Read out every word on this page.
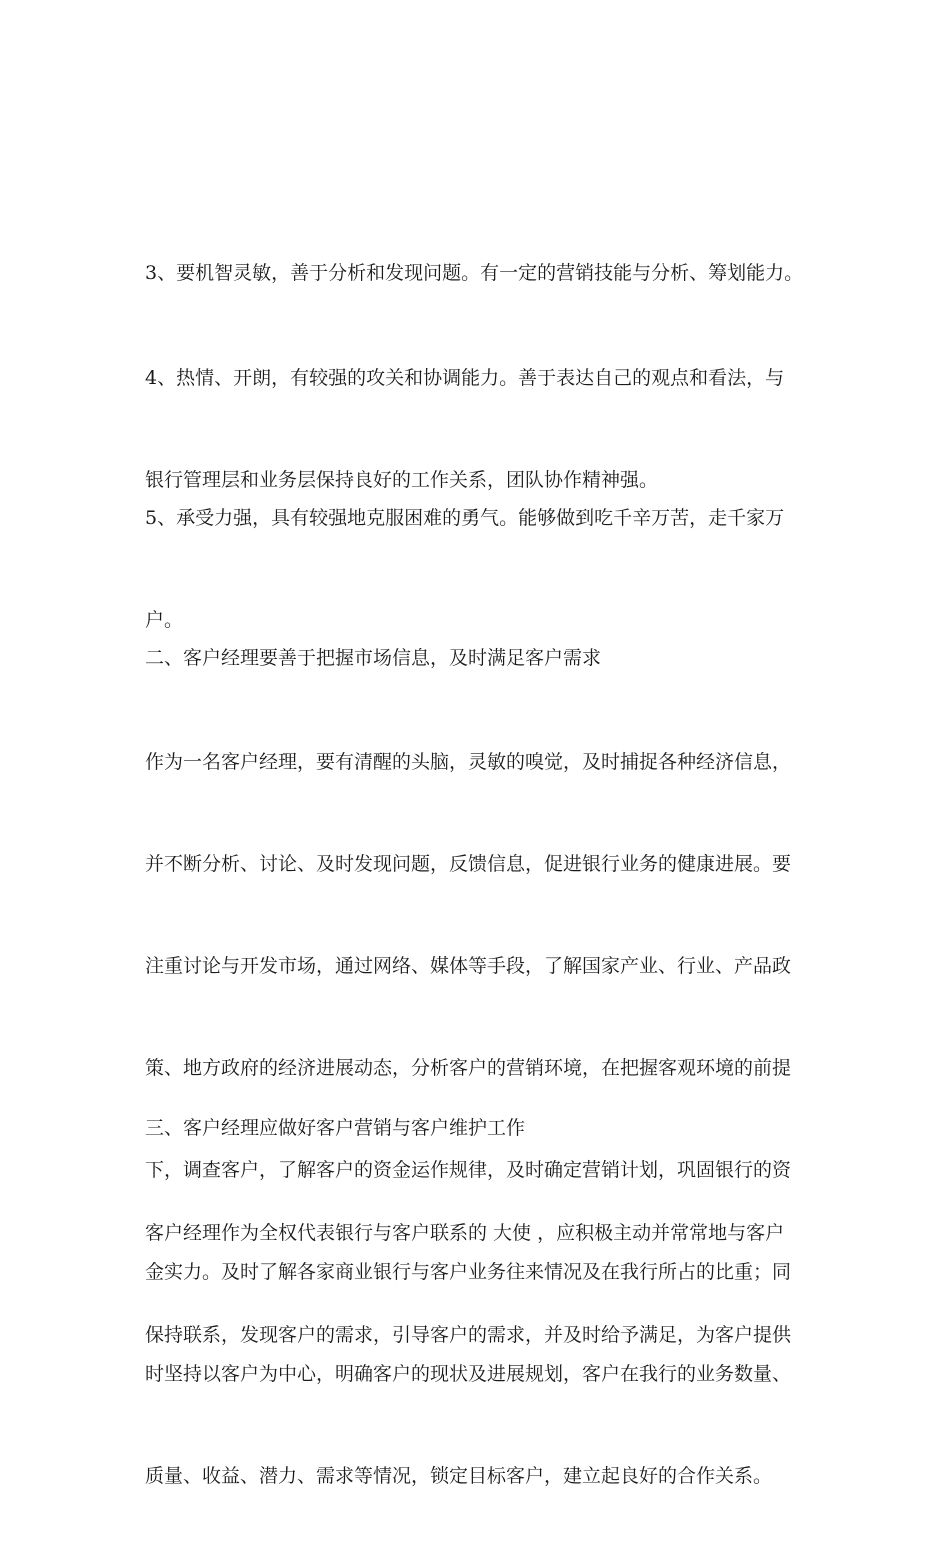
3、要机智灵敏，善于分析和发现问题。有一定的营销技能与分析、筹划能力。

4、热情、开朗，有较强的攻关和协调能力。善于表达自己的观点和看法，与

银行管理层和业务层保持良好的工作关系，团队协作精神强。

5、承受力强，具有较强地克服困难的勇气。能够做到吃千辛万苦，走千家万

户。

二、客户经理要善于把握市场信息，及时满足客户需求

作为一名客户经理，要有清醒的头脑，灵敏的嗅觉，及时捕捉各种经济信息，

并不断分析、讨论、及时发现问题，反馈信息，促进银行业务的健康进展。要

注重讨论与开发市场，通过网络、媒体等手段，了解国家产业、行业、产品政

策、地方政府的经济进展动态，分析客户的营销环境，在把握客观环境的前提

下，调查客户，了解客户的资金运作规律，及时确定营销计划，巩固银行的资

金实力。及时了解各家商业银行与客户业务往来情况及在我行所占的比重；同

时坚持以客户为中心，明确客户的现状及进展规划，客户在我行的业务数量、

质量、收益、潜力、需求等情况，锁定目标客户，建立起良好的合作关系。

三、客户经理应做好客户营销与客户维护工作

客户经理作为全权代表银行与客户联系的 大使 ，应积极主动并常常地与客户

保持联系，发现客户的需求，引导客户的需求，并及时给予满足，为客户提供
